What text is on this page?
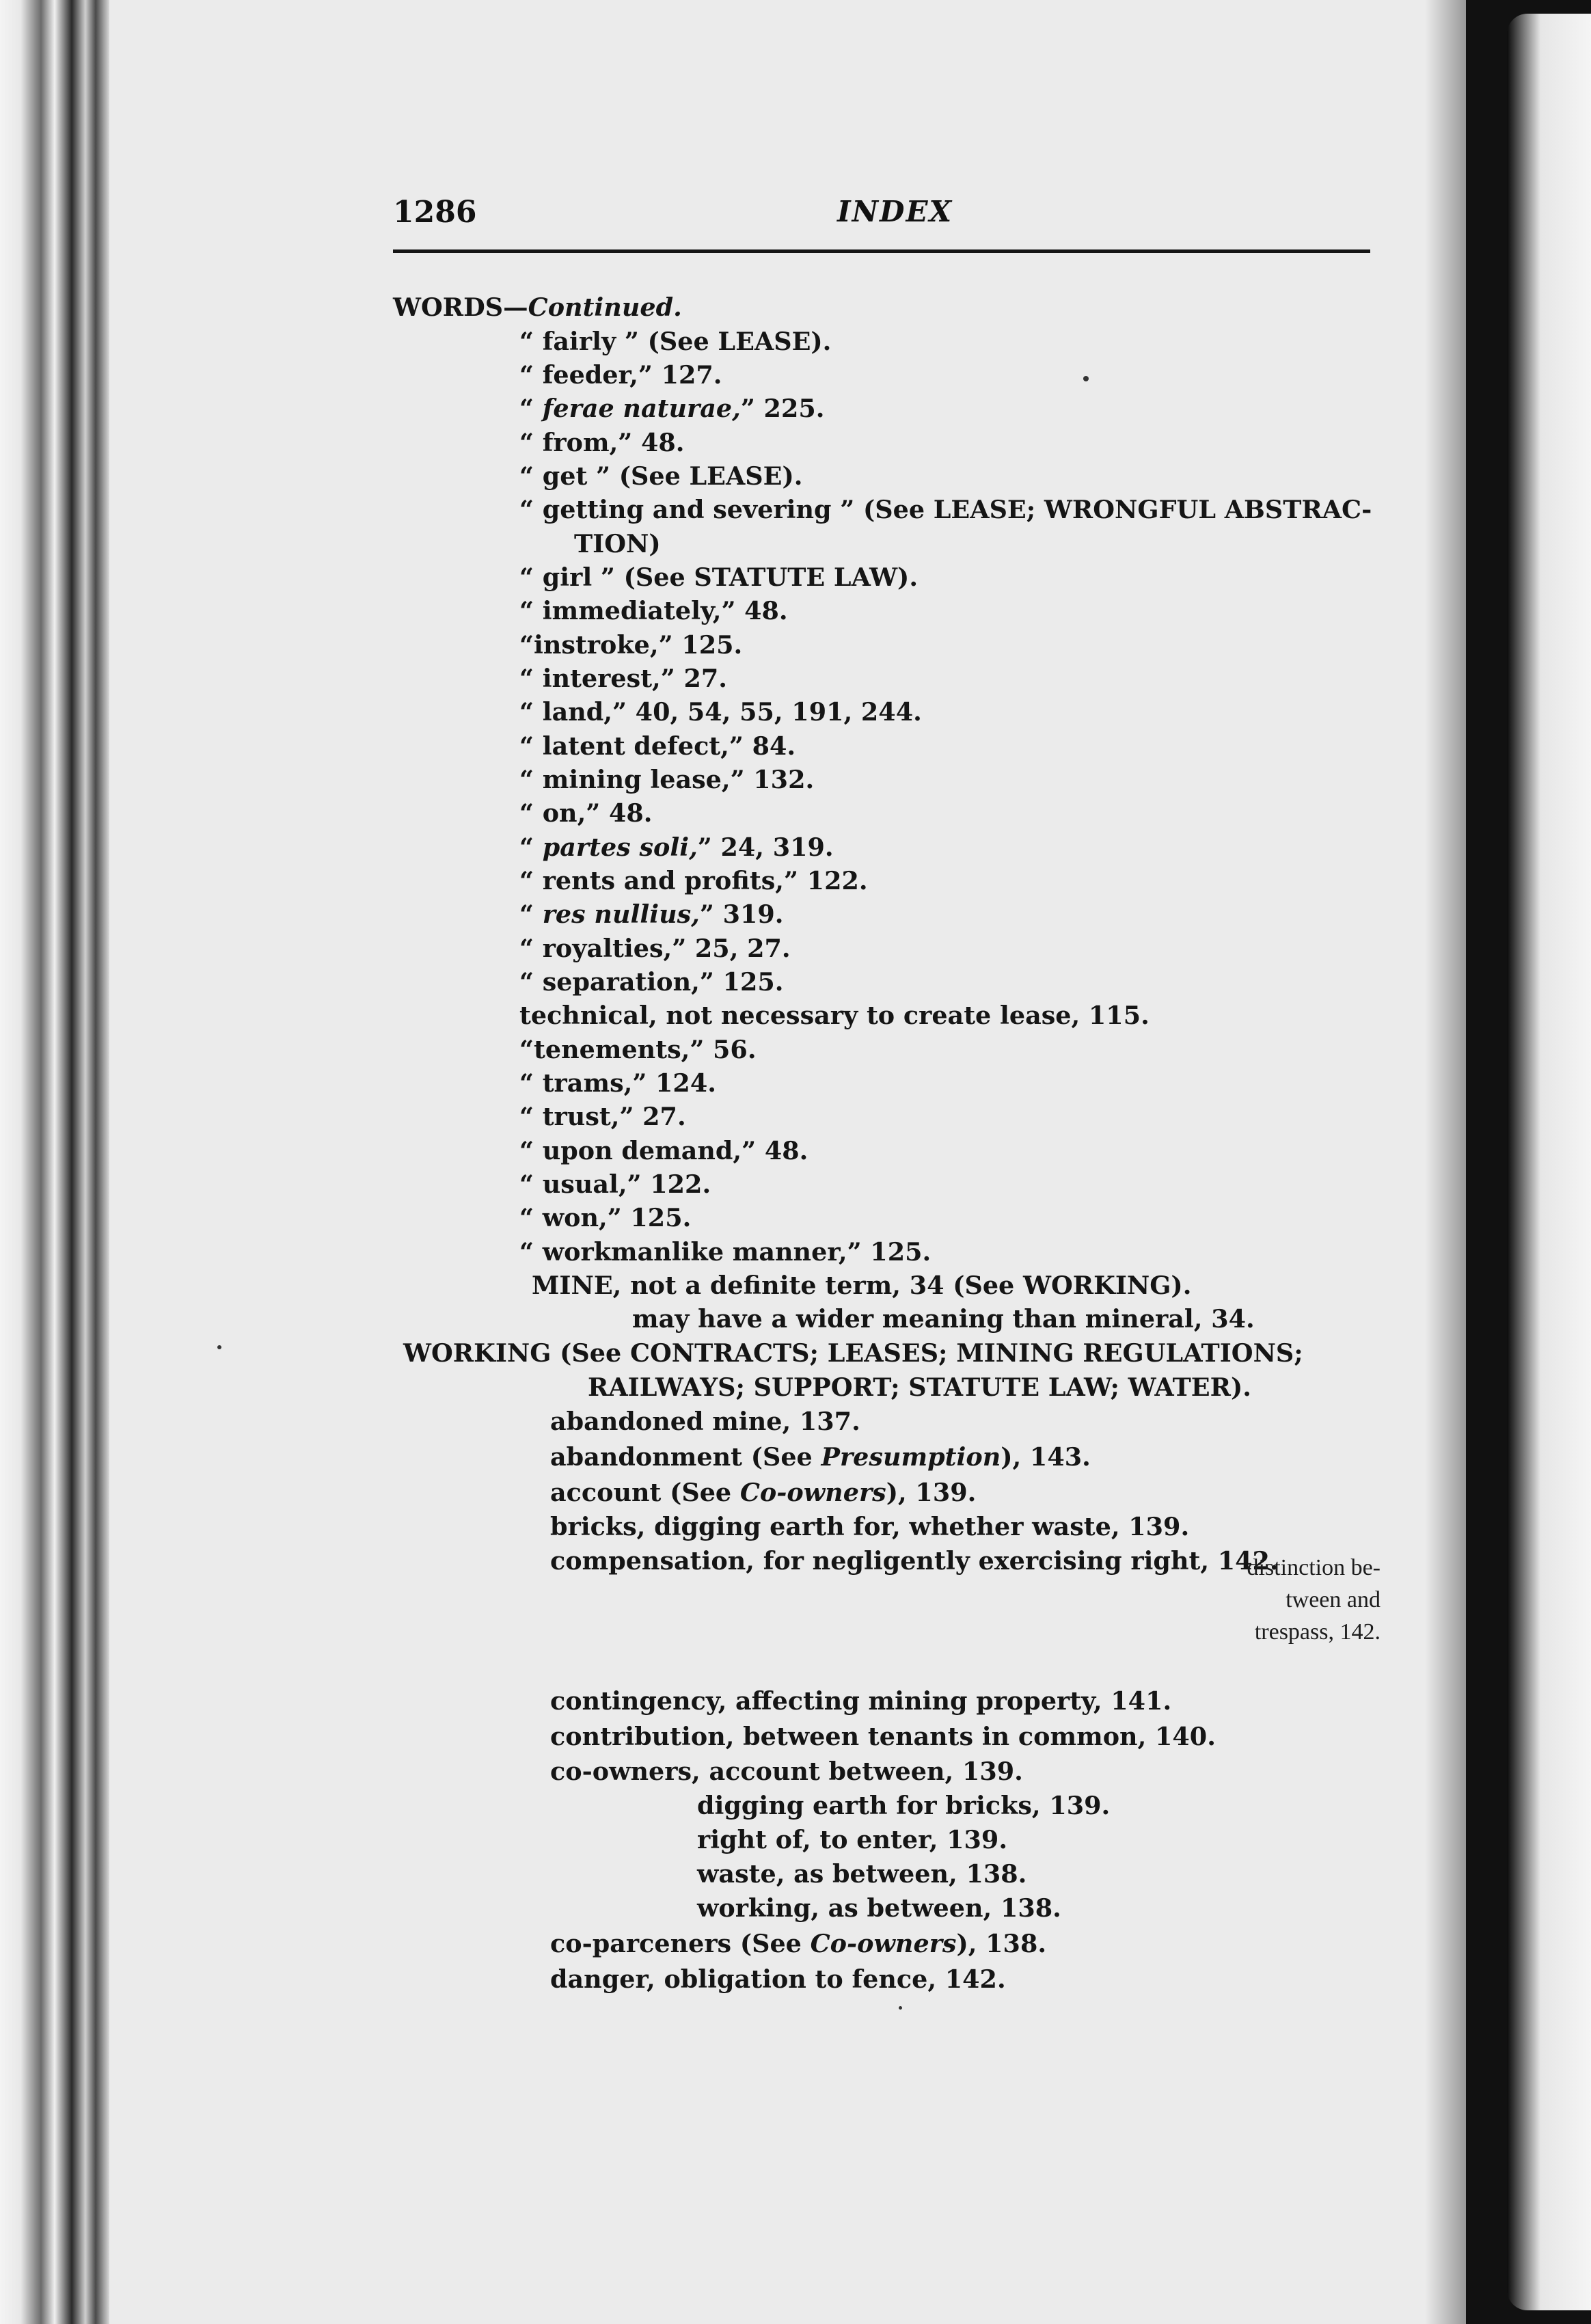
1286	INDEX
WORDS—Continued.
“ fairly ” (See LEASE).
“ feeder,” 127.
“ ferae naturae,” 225.
“ from,” 48.
“ get ” (See LEASE).
“ getting and severing ” (See LEASE; WRONGFUL ABSTRAC-
TION)
“ girl ” (See STATUTE LAW).
“ immediately,” 48.
“instroke,” 125.
“ interest,” 27.
“ land,” 40, 54, 55, 191, 244.
“ latent defect,” 84.
“ mining lease,” 132.
“ on,” 48.
“ partes soli,” 24, 319.
“ rents and profits,” 122.
“ res nullius,” 319.
“ royalties,” 25, 27.
“ separation,” 125.
technical, not necessary to create lease, 115.
“tenements,” 56.
“ trams,” 124.
“ trust,” 27.
“ upon demand,” 48.
“ usual,” 122.
“ won,” 125.
“ workmanlike manner,” 125.
MINE, not a definite term, 34 (See WORKING).
may have a wider meaning than mineral, 34.
WORKING (See CONTRACTS; LEASES; MINING REGULATIONS;
RAILWAYS; SUPPORT; STATUTE LAW; WATER).
abandoned mine, 137.
abandonment (See Presumption), 143.
account (See Co-owners), 139.
bricks, digging earth for, whether waste, 139.
compensation, for negligently exercising right, 142.
contingency, affecting mining property, 141.
contribution, between tenants in common, 140.
co-owners, account between, 139.
digging earth for bricks, 139.
right of, to enter, 139.
waste, as between, 138.
working, as between, 138.
co-parceners (See Co-owners), 138.
danger, obligation to fence, 142.
distinction be-
tween and
trespass, 142.
